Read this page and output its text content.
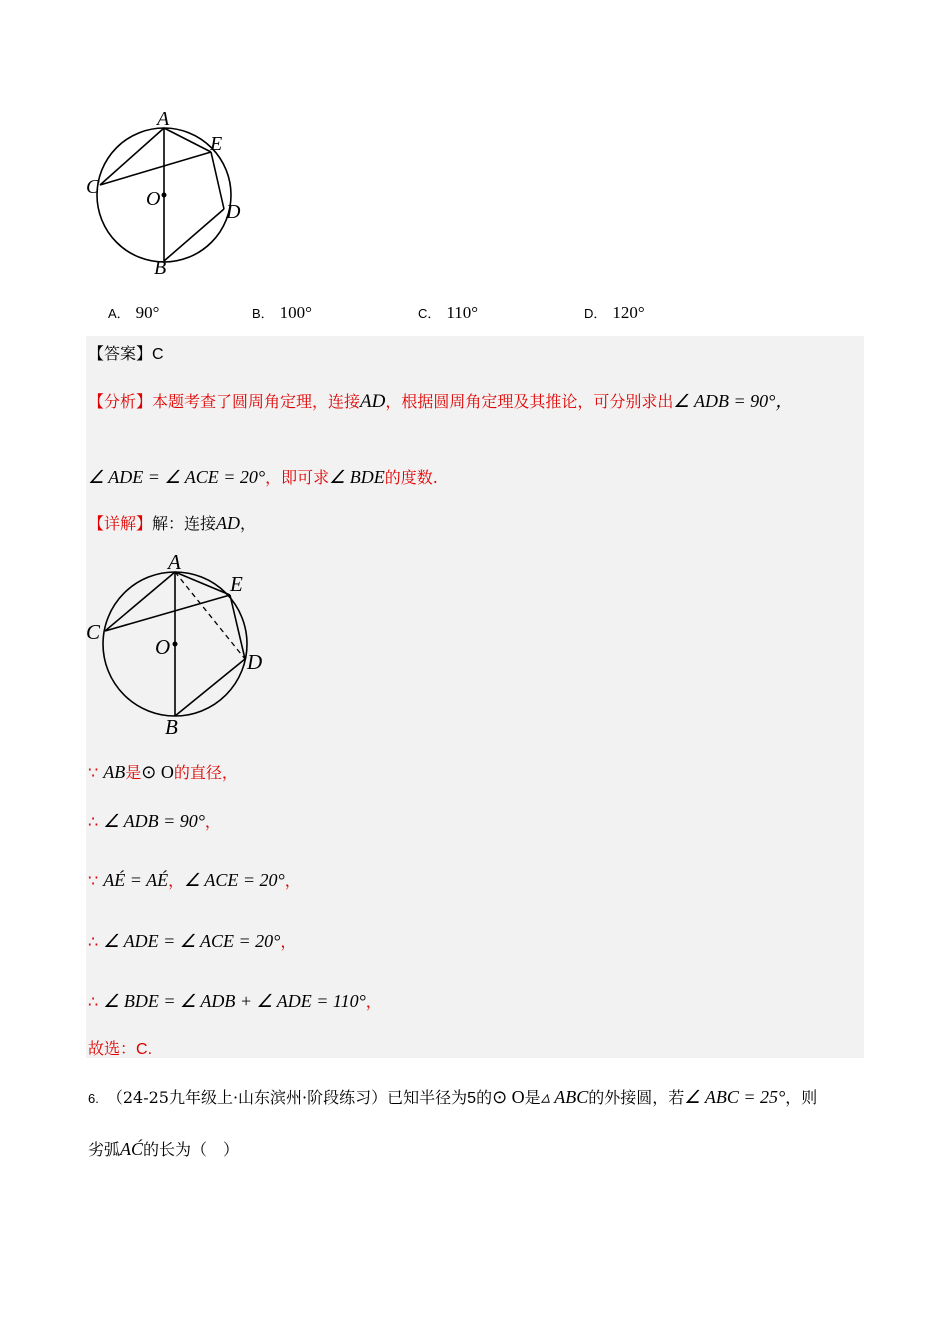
A
E
C
O
D
B
A． 90°	B． 100°	C． 110°	D． 120°
【答案】C
【分析】本题考查了圆周角定理，连接AD，根据圆周角定理及其推论，可分别求出∠ ADB = 90°，
∠ ADE = ∠ ACE = 20°，即可求∠ BDE的度数.
【详解】解：连接AD，
A
E
C
O
D
B
∵ AB是⊙ O的直径，
∴ ∠ ADB = 90°，
∵ AÉ = AÉ，∠ ACE = 20°，
∴ ∠ ADE = ∠ ACE = 20°，
∴ ∠ BDE = ∠ ADB + ∠ ADE = 110°，
故选：C.
6. （24-25九年级上·山东滨州·阶段练习）已知半径为5的⊙ O是▵ ABC的外接圆，若∠ ABC = 25°，则
劣弧AĆ的长为（　）
